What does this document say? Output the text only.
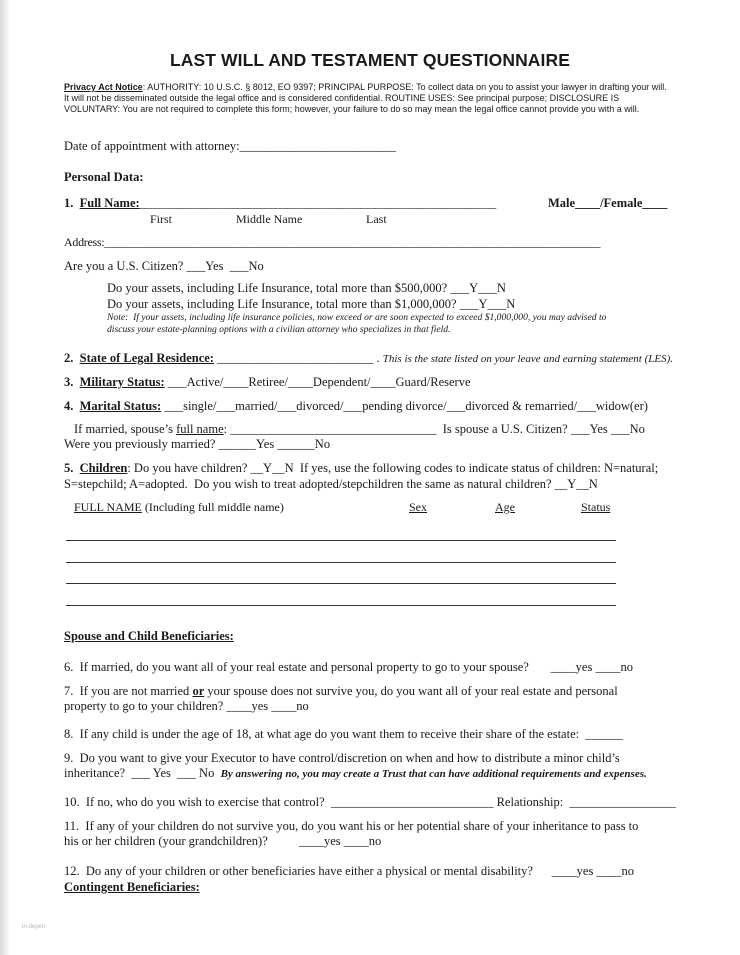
LAST WILL AND TESTAMENT QUESTIONNAIRE
Privacy Act Notice: AUTHORITY: 10 U.S.C. § 8012, EO 9397; PRINCIPAL PURPOSE: To collect data on you to assist your lawyer in drafting your will. It will not be disseminated outside the legal office and is considered confidential. ROUTINE USES: See principal purpose; DISCLOSURE IS VOLUNTARY: You are not required to complete this form; however, your failure to do so may mean the legal office cannot provide you with a will.
Date of appointment with attorney:_________________________
Personal Data:
1.  Full Name:______________________________________________________________	Male____/Female____
First	Middle Name	Last
Address:_______________________________________________________________________________________
Are you a U.S. Citizen? ___Yes  ___No
Do your assets, including Life Insurance, total more than $500,000? ___Y___N
Do your assets, including Life Insurance, total more than $1,000,000? ___Y___N
Note:  If your assets, including life insurance policies, now exceed or are soon expected to exceed $1,000,000, you may advised to
discuss your estate-planning options with a civilian attorney who specializes in that field.
2.  State of Legal Residence: _________________________ . This is the state listed on your leave and earning statement (LES).
3.  Military Status: ___Active/____Retiree/____Dependent/____Guard/Reserve
4.  Marital Status: ___single/___married/___divorced/___pending divorce/___divorced & remarried/___widow(er)
If married, spouse’s full name: _________________________________  Is spouse a U.S. Citizen? ___Yes ___No
Were you previously married? ______Yes ______No
5.  Children: Do you have children? __Y__N  If yes, use the following codes to indicate status of children: N=natural;
S=stepchild; A=adopted.  Do you wish to treat adopted/stepchildren the same as natural children? __Y__N
FULL NAME (Including full middle name)	Sex	Age	Status
Spouse and Child Beneficiaries:
6.  If married, do you want all of your real estate and personal property to go to your spouse?       ____yes ____no
7.  If you are not married or your spouse does not survive you, do you want all of your real estate and personal
property to go to your children? ____yes ____no
8.  If any child is under the age of 18, at what age do you want them to receive their share of the estate:  ______
9.  Do you want to give your Executor to have control/discretion on when and how to distribute a minor child’s
inheritance?  ___ Yes  ___ No  By answering no, you may create a Trust that can have additional requirements and expenses.
10.  If no, who do you wish to exercise that control?  __________________________ Relationship:  _________________
11.  If any of your children do not survive you, do you want his or her potential share of your inheritance to pass to
his or her children (your grandchildren)?          ____yes ____no
12.  Do any of your children or other beneficiaries have either a physical or mental disability?      ____yes ____no
Contingent Beneficiaries:
in-depen
